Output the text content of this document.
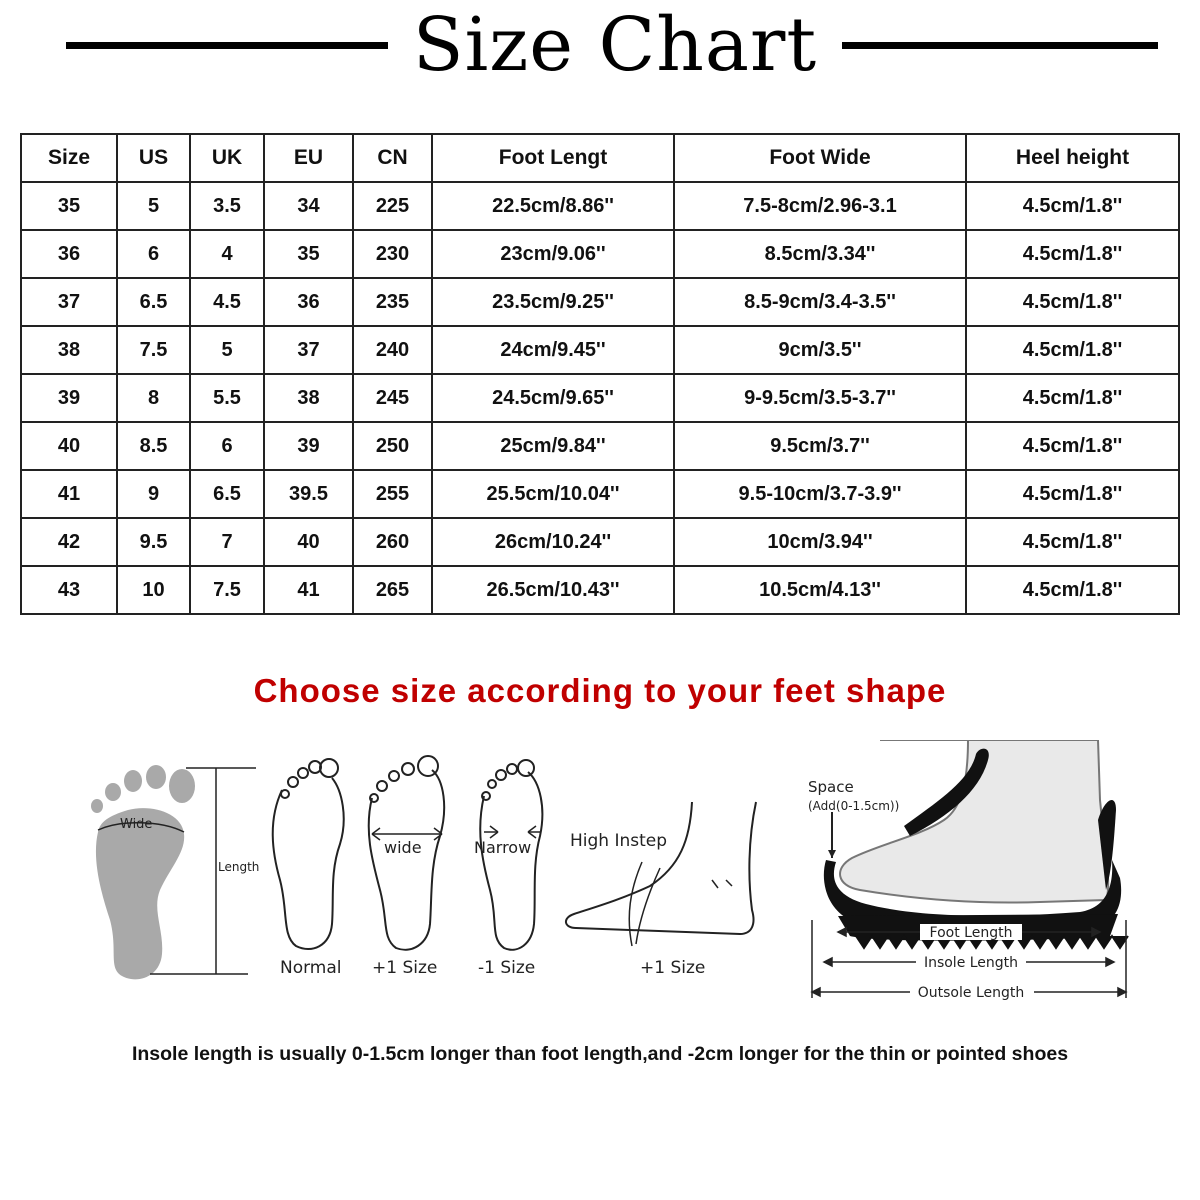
Size Chart
Size	US	UK	EU	CN	Foot Lengt	Foot Wide	Heel height
35	5	3.5	34	225	22.5cm/8.86''	7.5-8cm/2.96-3.1	4.5cm/1.8''
36	6	4	35	230	23cm/9.06''	8.5cm/3.34''	4.5cm/1.8''
37	6.5	4.5	36	235	23.5cm/9.25''	8.5-9cm/3.4-3.5''	4.5cm/1.8''
38	7.5	5	37	240	24cm/9.45''	9cm/3.5''	4.5cm/1.8''
39	8	5.5	38	245	24.5cm/9.65''	9-9.5cm/3.5-3.7''	4.5cm/1.8''
40	8.5	6	39	250	25cm/9.84''	9.5cm/3.7''	4.5cm/1.8''
41	9	6.5	39.5	255	25.5cm/10.04''	9.5-10cm/3.7-3.9''	4.5cm/1.8''
42	9.5	7	40	260	26cm/10.24''	10cm/3.94''	4.5cm/1.8''
43	10	7.5	41	265	26.5cm/10.43''	10.5cm/4.13''	4.5cm/1.8''
Choose size according to your feet shape
Wide
Length
Normal
wide
+1 Size
Narrow
-1 Size
High Instep
+1 Size
Space
(Add(0-1.5cm))
Foot Length
Insole Length
Outsole Length
Insole length is usually 0-1.5cm longer than foot length,and -2cm longer for the thin or pointed shoes
